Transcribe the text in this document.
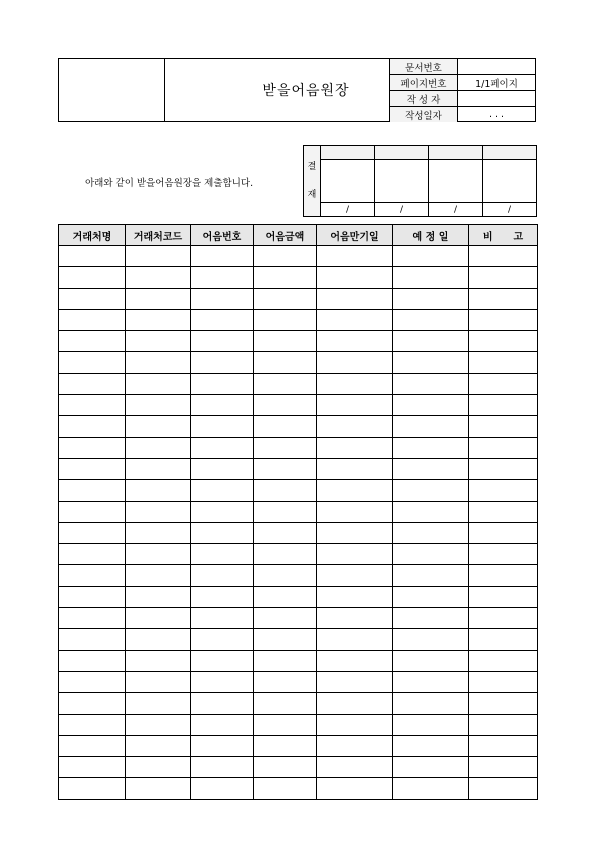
받을어음원장
문서번호	
페이지번호	1/1페이지
작 성 자	
작성일자	. . .
아래와 같이 받을어음원장을 제출합니다.
결
재				

	/	/	/	/
거래처명	거래처코드	어음번호	어음금액	어음만기일	예 정 일	비      고
